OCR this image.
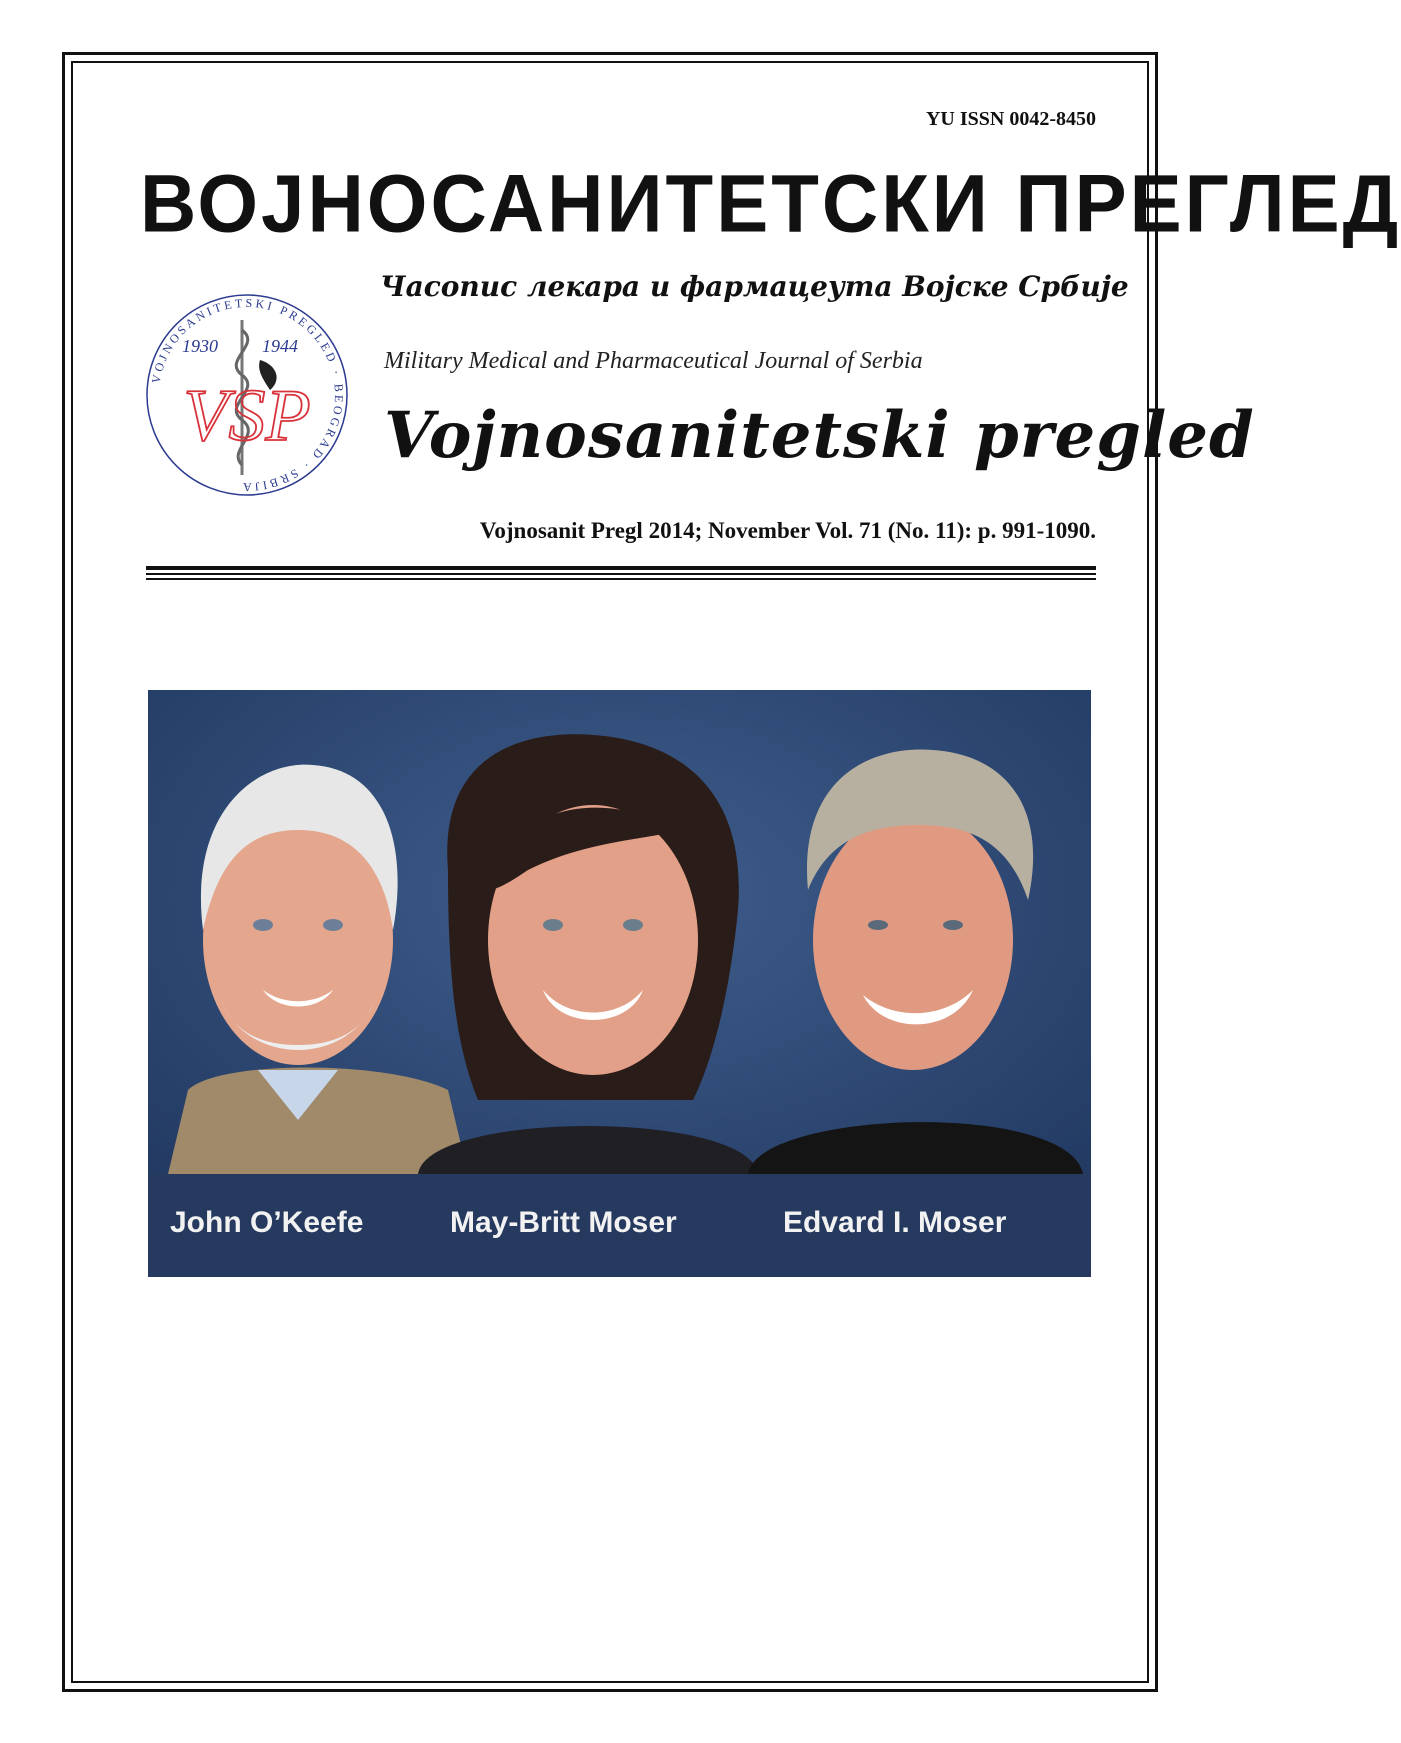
YU ISSN 0042-8450
ВОЈНОСАНИТЕТСКИ ПРЕГЛЕД
Часопис лекара и фармацеута Војске Србије
VOJNOSANITETSKI PREGLED · BEOGRAD · SRBIJA
1930 1944
VSP
Military Medical and Pharmaceutical Journal of Serbia
Vojnosanitetski pregled
Vojnosanit Pregl 2014; November Vol. 71 (No. 11): p. 991-1090.
John O’Keefe	May-Britt Moser	Edvard I. Moser
